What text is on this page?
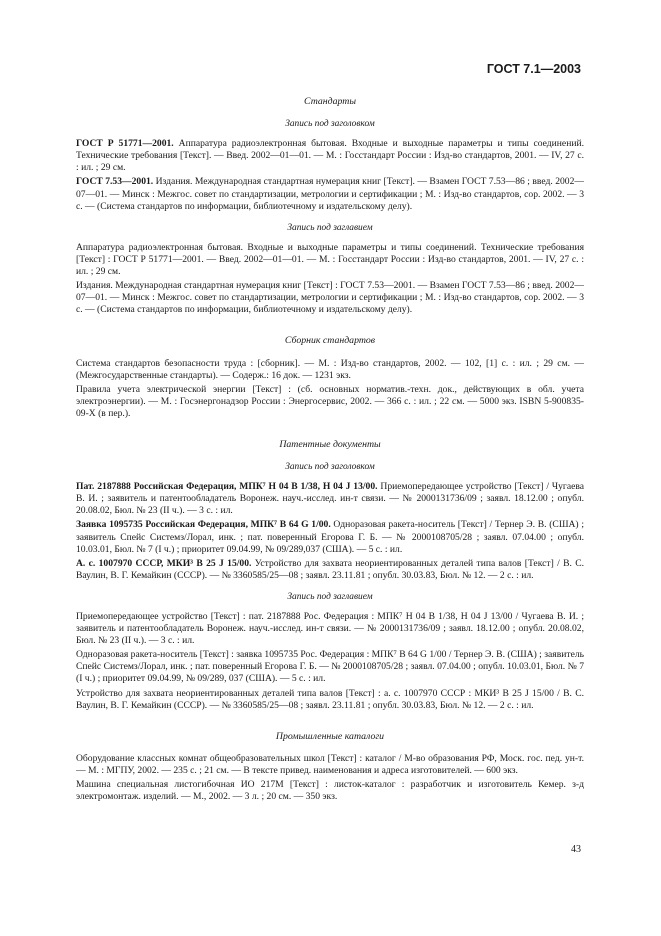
ГОСТ 7.1—2003
Стандарты
Запись под заголовком

ГОСТ Р 51771—2001. Аппаратура радиоэлектронная бытовая. Входные и выходные параметры и типы соединений. Технические требования [Текст]. — Введ. 2002—01—01. — М. : Госстандарт России : Изд-во стандартов, 2001. — IV, 27 с. : ил. ; 29 см.

ГОСТ 7.53—2001. Издания. Международная стандартная нумерация книг [Текст]. — Взамен ГОСТ 7.53—86 ; введ. 2002—07—01. — Минск : Межгос. совет по стандартизации, метрологии и сертификации ; М. : Изд-во стандартов, сор. 2002. — 3 с. — (Система стандартов по информации, библиотечному и издательскому делу).

Запись под заглавием

Аппаратура радиоэлектронная бытовая. Входные и выходные параметры и типы соединений. Технические требования [Текст] : ГОСТ Р 51771—2001. — Введ. 2002—01—01. — М. : Госстандарт России : Изд-во стандартов, 2001. — IV, 27 с. : ил. ; 29 см.

Издания. Международная стандартная нумерация книг [Текст] : ГОСТ 7.53—2001. — Взамен ГОСТ 7.53—86 ; введ. 2002—07—01. — Минск : Межгос. совет по стандартизации, метрологии и сертификации ; М. : Изд-во стандартов, сор. 2002. — 3 с. — (Система стандартов по информации, библиотечному и издательскому делу).

Сборник стандартов

Система стандартов безопасности труда : [сборник]. — М. : Изд-во стандартов, 2002. — 102, [1] с. : ил. ; 29 см. — (Межгосударственные стандарты). — Содерж.: 16 док. — 1231 экз.

Правила учета электрической энергии [Текст] : (сб. основных норматив.-техн. док., действующих в обл. учета электроэнергии). — М. : Госэнергонадзор России : Энергосервис, 2002. — 366 с. : ил. ; 22 см. — 5000 экз. ISBN 5-900835-09-Х (в пер.).

Патентные документы
Запись под заголовком

Пат. 2187888 Российская Федерация, МПК⁷ Н 04 В 1/38, Н 04 J 13/00. Приемопередающее устройство [Текст] / Чугаева В. И. ; заявитель и патентообладатель Воронеж. науч.-исслед. ин-т связи. — № 2000131736/09 ; заявл. 18.12.00 ; опубл. 20.08.02, Бюл. № 23 (II ч.). — 3 с. : ил.

Заявка 1095735 Российская Федерация, МПК⁷ В 64 G 1/00. Одноразовая ракета-носитель [Текст] / Тернер Э. В. (США) ; заявитель Спейс Системз/Лорал, инк. ; пат. поверенный Егорова Г. Б. — № 2000108705/28 ; заявл. 07.04.00 ; опубл. 10.03.01, Бюл. № 7 (I ч.) ; приоритет 09.04.99, № 09/289,037 (США). — 5 с. : ил.

А. с. 1007970 СССР, МКИ³ В 25 J 15/00. Устройство для захвата неориентированных деталей типа валов [Текст] / В. С. Ваулин, В. Г. Кемайкин (СССР). — № 3360585/25—08 ; заявл. 23.11.81 ; опубл. 30.03.83, Бюл. № 12. — 2 с. : ил.

Запись под заглавием

Приемопередающее устройство [Текст] : пат. 2187888 Рос. Федерация : МПК⁷ Н 04 В 1/38, Н 04 J 13/00 / Чугаева В. И. ; заявитель и патентообладатель Воронеж. науч.-исслед. ин-т связи. — № 2000131736/09 ; заявл. 18.12.00 ; опубл. 20.08.02, Бюл. № 23 (II ч.). — 3 с. : ил.

Одноразовая ракета-носитель [Текст] : заявка 1095735 Рос. Федерация : МПК⁷ В 64 G 1/00 / Тернер Э. В. (США) ; заявитель Спейс Системз/Лорал, инк. ; пат. поверенный Егорова Г. Б. — № 2000108705/28 ; заявл. 07.04.00 ; опубл. 10.03.01, Бюл. № 7 (I ч.) ; приоритет 09.04.99, № 09/289, 037 (США). — 5 с. : ил.

Устройство для захвата неориентированных деталей типа валов [Текст] : а. с. 1007970 СССР : МКИ³ В 25 J 15/00 / В. С. Ваулин, В. Г. Кемайкин (СССР). — № 3360585/25—08 ; заявл. 23.11.81 ; опубл. 30.03.83, Бюл. № 12. — 2 с. : ил.

Промышленные каталоги

Оборудование классных комнат общеобразовательных школ [Текст] : каталог / М-во образования РФ, Моск. гос. пед. ун-т. — М. : МГПУ, 2002. — 235 с. ; 21 см. — В тексте привед. наименования и адреса изготовителей. — 600 экз.

Машина специальная листогибочная ИО 217М [Текст] : листок-каталог : разработчик и изготовитель Кемер. з-д электромонтаж. изделий. — М., 2002. — 3 л. ; 20 см. — 350 экз.

43
